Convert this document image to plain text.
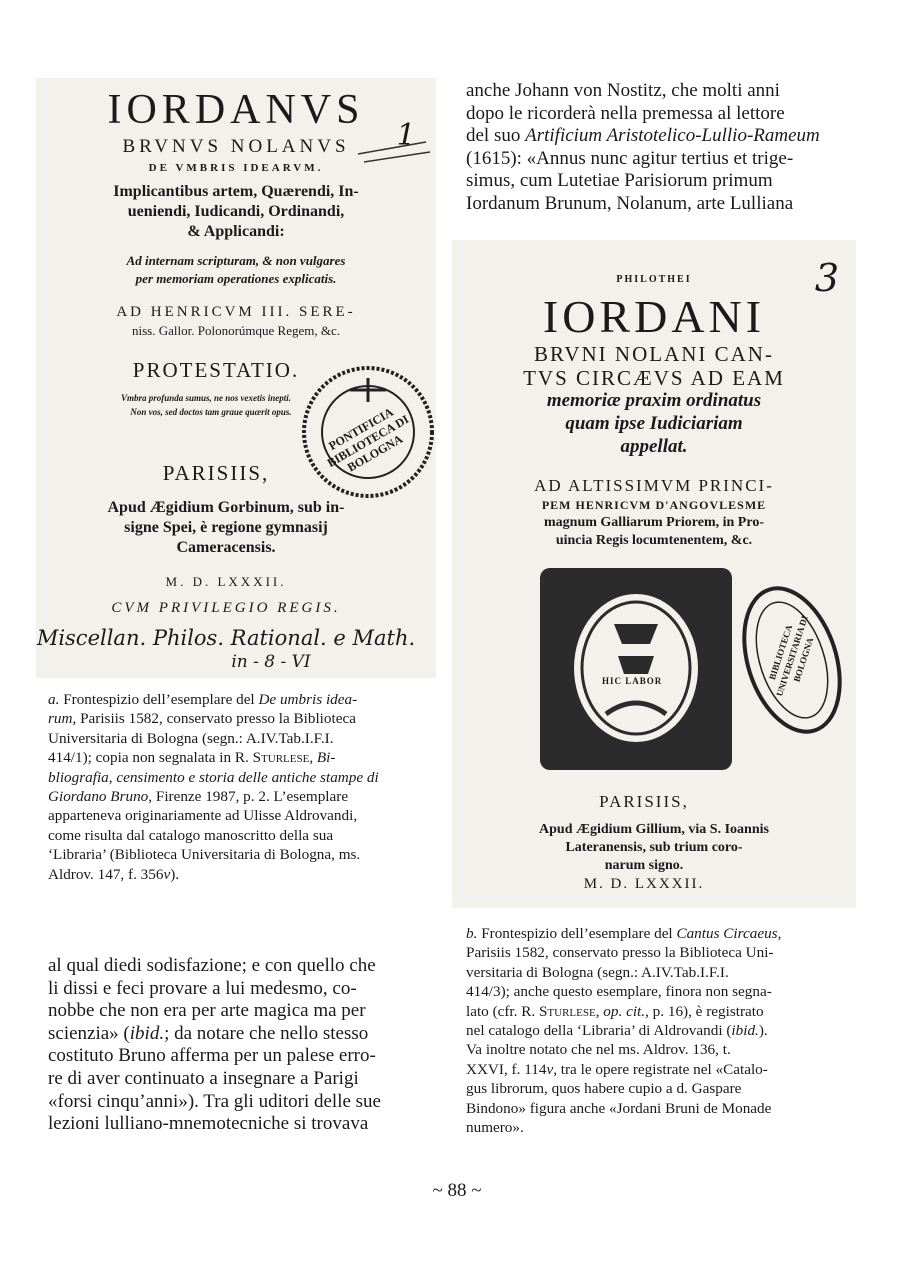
anche Johann von Nostitz, che molti anni

dopo le ricorderà nella premessa al lettore

del suo Artificium Aristotelico-Lullio-Rameum

(1615): «Annus nunc agitur tertius et trige-

simus, cum Lutetiae Parisiorum primum

Iordanum Brunum, Nolanum, arte Lulliana

IORDANVS
BRVNVS NOLANVS
DE VMBRIS IDEARVM.
Implicantibus artem, Quærendi, In-
ueniendi, Iudicandi, Ordinandi,
& Applicandi:
Ad internam scripturam, & non vulgares
per memoriam operationes explicatis.
AD HENRICVM III. SERE-
niss. Gallor. Polonorúmque Regem, &c.
PROTESTATIO.
Vmbra profunda sumus, ne nos vexetis inepti.
Non vos, sed doctos tam graue quærit opus.
PARISIIS,
Apud Ægidium Gorbinum, sub in-
signe Spei, è regione gymnasij
Cameracensis.
M. D. LXXXII.
CVM PRIVILEGIO REGIS.
Miscellan. Philos. Rational. e Math.
in - 8 - VI
1
PONTIFICIA BIBLIOTECA DI BOLOGNA
PHILOTHEI
IORDANI
BRVNI NOLANI CAN-
TVS CIRCÆVS AD EAM
memoriæ praxim ordinatus
quam ipse Iudiciariam
appellat.
AD ALTISSIMVM PRINCI-
PEM HENRICVM D'ANGOVLESME
magnum Galliarum Priorem, in Pro-
uincia Regis locumtenentem, &c.
HIC LABOR
PARISIIS,
Apud Ægidium Gillium, via S. Ioannis
Lateranensis, sub trium coro-
narum signo.
M. D. LXXXII.
3
BIBLIOTECA UNIVERSITARIA DI BOLOGNA

a. Frontespizio dell’esemplare del De umbris idea-

rum, Parisiis 1582, conservato presso la Biblioteca

Universitaria di Bologna (segn.: A.IV.Tab.I.F.I.

414/1); copia non segnalata in R. Sturlese, Bi-

bliografia, censimento e storia delle antiche stampe di

Giordano Bruno, Firenze 1987, p. 2. L’esemplare

apparteneva originariamente ad Ulisse Aldrovandi,

come risulta dal catalogo manoscritto della sua

‘Libraria’ (Biblioteca Universitaria di Bologna, ms.

Aldrov. 147, f. 356v).

al qual diedi sodisfazione; e con quello che

li dissi e feci provare a lui medesmo, co-

nobbe che non era per arte magica ma per

scienzia» (ibid.; da notare che nello stesso

costituto Bruno afferma per un palese erro-

re di aver continuato a insegnare a Parigi

«forsi cinqu’anni»). Tra gli uditori delle sue

lezioni lulliano-mnemotecniche si trovava

b. Frontespizio dell’esemplare del Cantus Circaeus,

Parisiis 1582, conservato presso la Biblioteca Uni-

versitaria di Bologna (segn.: A.IV.Tab.I.F.I.

414/3); anche questo esemplare, finora non segna-

lato (cfr. R. Sturlese, op. cit., p. 16), è registrato

nel catalogo della ‘Libraria’ di Aldrovandi (ibid.).

Va inoltre notato che nel ms. Aldrov. 136, t.

XXVI, f. 114v, tra le opere registrate nel «Catalo-

gus librorum, quos habere cupio a d. Gaspare

Bindono» figura anche «Jordani Bruni de Monade

numero».

~ 88 ~
